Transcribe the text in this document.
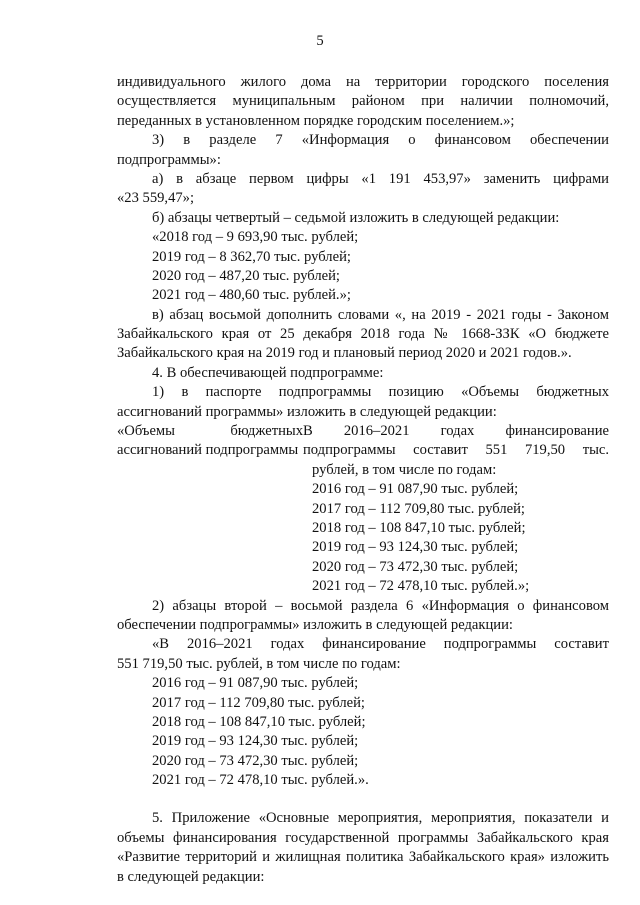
5
индивидуального жилого дома на территории городского поселения
осуществляется муниципальным районом при наличии полномочий,
переданных в установленном порядке городским поселением.»;
3) в разделе 7 «Информация о финансовом обеспечении
подпрограммы»:
а) в абзаце первом цифры «1 191 453,97» заменить цифрами
«23 559,47»;
б) абзацы четвертый – седьмой изложить в следующей редакции:
«2018 год – 9 693,90 тыс. рублей;
2019 год – 8 362,70 тыс. рублей;
2020 год – 487,20 тыс. рублей;
2021 год – 480,60 тыс. рублей.»;
в) абзац восьмой дополнить словами «, на 2019 - 2021 годы - Законом
Забайкальского края от 25 декабря 2018 года № 1668-ЗЗК «О бюджете
Забайкальского края на 2019 год и плановый период 2020 и 2021 годов.».
4. В обеспечивающей подпрограмме:
1) в паспорте подпрограммы позицию «Объемы бюджетных
ассигнований программы» изложить в следующей редакции:
«Объемы бюджетных В 2016–2021 годах финансирование
ассигнований подпрограммы подпрограммы составит 551 719,50 тыс.
рублей, в том числе по годам:
2016 год – 91 087,90 тыс. рублей;
2017 год – 112 709,80 тыс. рублей;
2018 год – 108 847,10 тыс. рублей;
2019 год – 93 124,30 тыс. рублей;
2020 год – 73 472,30 тыс. рублей;
2021 год – 72 478,10 тыс. рублей.»;
2) абзацы второй – восьмой раздела 6 «Информация о финансовом
обеспечении подпрограммы» изложить в следующей редакции:
«В 2016–2021 годах финансирование подпрограммы составит
551 719,50 тыс. рублей, в том числе по годам:
2016 год – 91 087,90 тыс. рублей;
2017 год – 112 709,80 тыс. рублей;
2018 год – 108 847,10 тыс. рублей;
2019 год – 93 124,30 тыс. рублей;
2020 год – 73 472,30 тыс. рублей;
2021 год – 72 478,10 тыс. рублей.».
5. Приложение «Основные мероприятия, мероприятия, показатели и
объемы финансирования государственной программы Забайкальского края
«Развитие территорий и жилищная политика Забайкальского края» изложить
в следующей редакции:
